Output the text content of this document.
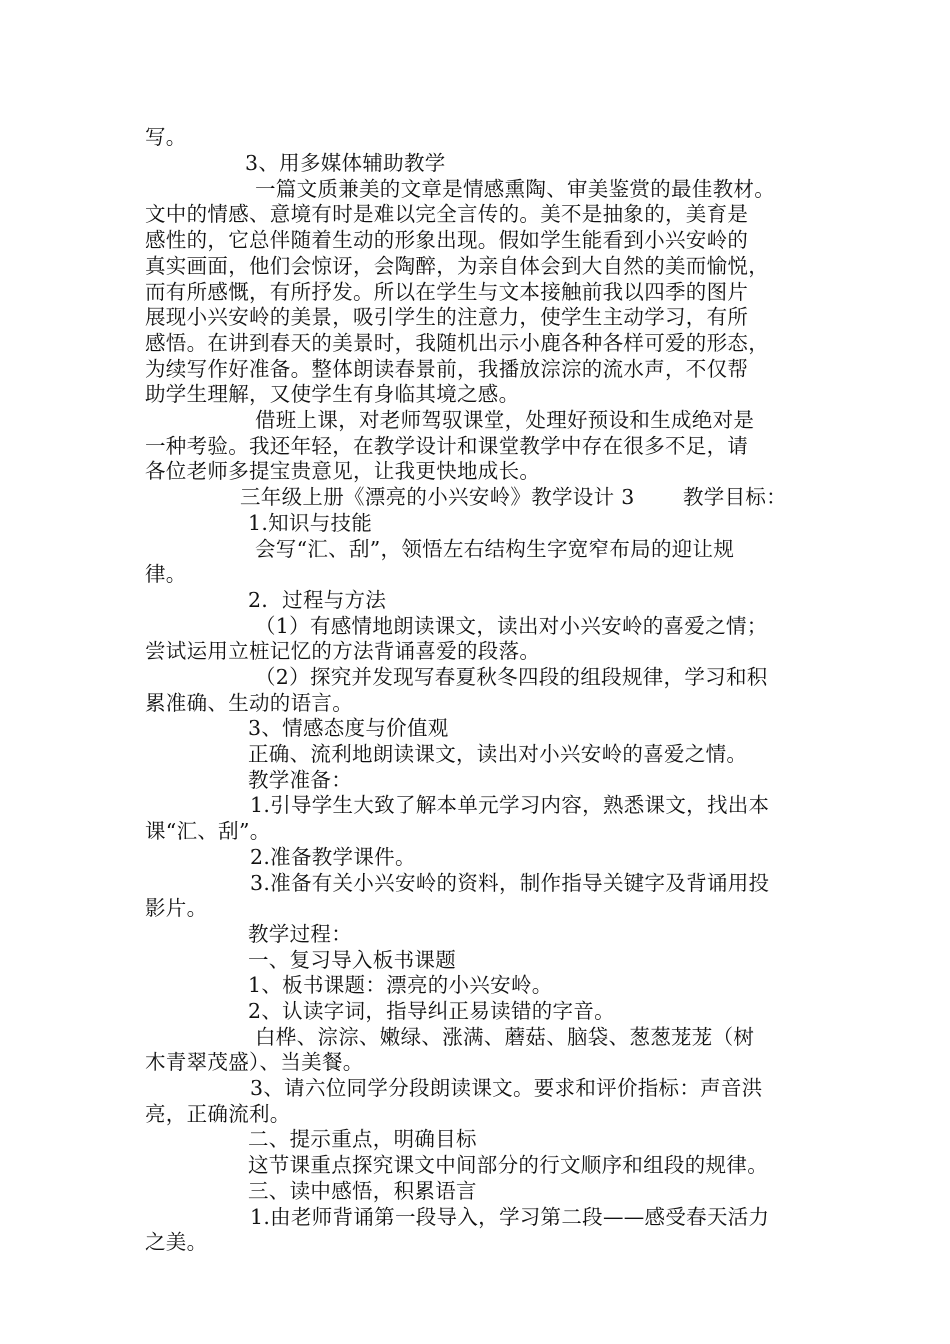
写。
3、用多媒体辅助教学
一篇文质兼美的文章是情感熏陶、审美鉴赏的最佳教材。
文中的情感、意境有时是难以完全言传的。美不是抽象的，美育是
感性的，它总伴随着生动的形象出现。假如学生能看到小兴安岭的
真实画面，他们会惊讶，会陶醉，为亲自体会到大自然的美而愉悦，
而有所感慨，有所抒发。所以在学生与文本接触前我以四季的图片
展现小兴安岭的美景，吸引学生的注意力，使学生主动学习，有所
感悟。在讲到春天的美景时，我随机出示小鹿各种各样可爱的形态，
为续写作好准备。整体朗读春景前，我播放淙淙的流水声，不仅帮
助学生理解，又使学生有身临其境之感。
借班上课，对老师驾驭课堂，处理好预设和生成绝对是
一种考验。我还年轻，在教学设计和课堂教学中存在很多不足，请
各位老师多提宝贵意见，让我更快地成长。
三年级上册《漂亮的小兴安岭》教学设计 3　　 教学目标：
1.知识与技能
会写“汇、刮”，领悟左右结构生字宽窄布局的迎让规
律。
2．过程与方法
（1）有感情地朗读课文，读出对小兴安岭的喜爱之情；
尝试运用立桩记忆的方法背诵喜爱的段落。
（2）探究并发现写春夏秋冬四段的组段规律，学习和积
累准确、生动的语言。
3、情感态度与价值观
正确、流利地朗读课文，读出对小兴安岭的喜爱之情。
教学准备：
1.引导学生大致了解本单元学习内容，熟悉课文，找出本
课“汇、刮”。
2.准备教学课件。
3.准备有关小兴安岭的资料，制作指导关键字及背诵用投
影片。
教学过程：
一、复习导入板书课题
1、板书课题：漂亮的小兴安岭。
2、认读字词，指导纠正易读错的字音。
白桦、淙淙、嫩绿、涨满、蘑菇、脑袋、葱葱茏茏（树
木青翠茂盛）、当美餐。
3、请六位同学分段朗读课文。要求和评价指标：声音洪
亮，正确流利。
二、提示重点，明确目标
这节课重点探究课文中间部分的行文顺序和组段的规律。
三、读中感悟，积累语言
1.由老师背诵第一段导入，学习第二段——感受春天活力
之美。
